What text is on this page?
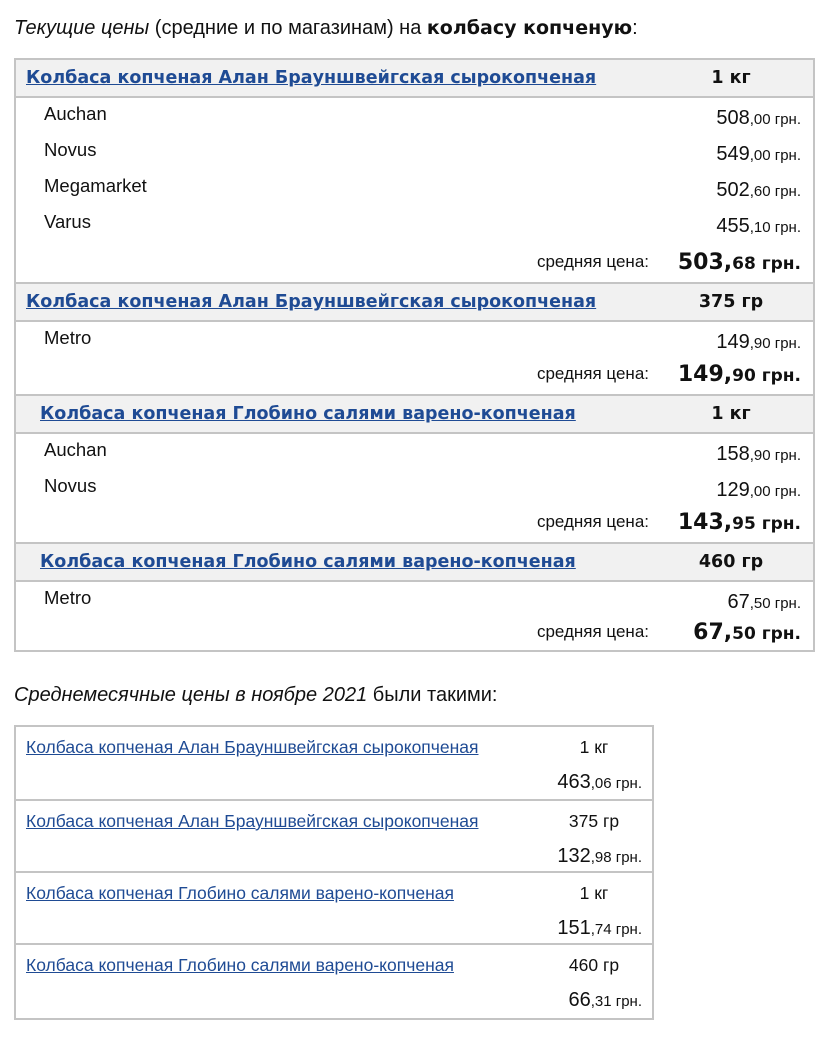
Текущие цены (средние и по магазинам) на колбасу копченую:
Колбаса копченая Алан Брауншвейгская сырокопченая	1 кг
Auchan	508,00 грн.
Novus	549,00 грн.
Megamarket	502,60 грн.
Varus	455,10 грн.
средняя цена: 503,68 грн.
Колбаса копченая Алан Брауншвейгская сырокопченая	375 гр
Metro	149,90 грн.
средняя цена: 149,90 грн.
Колбаса копченая Глобино салями варено-копченая	1 кг
Auchan	158,90 грн.
Novus	129,00 грн.
средняя цена: 143,95 грн.
Колбаса копченая Глобино салями варено-копченая	460 гр
Metro	67,50 грн.
средняя цена: 67,50 грн.
Среднемесячные цены в ноябре 2021 были такими:
Колбаса копченая Алан Брауншвейгская сырокопченая	1 кг
463,06 грн.
Колбаса копченая Алан Брауншвейгская сырокопченая	375 гр
132,98 грн.
Колбаса копченая Глобино салями варено-копченая	1 кг
151,74 грн.
Колбаса копченая Глобино салями варено-копченая	460 гр
66,31 грн.
